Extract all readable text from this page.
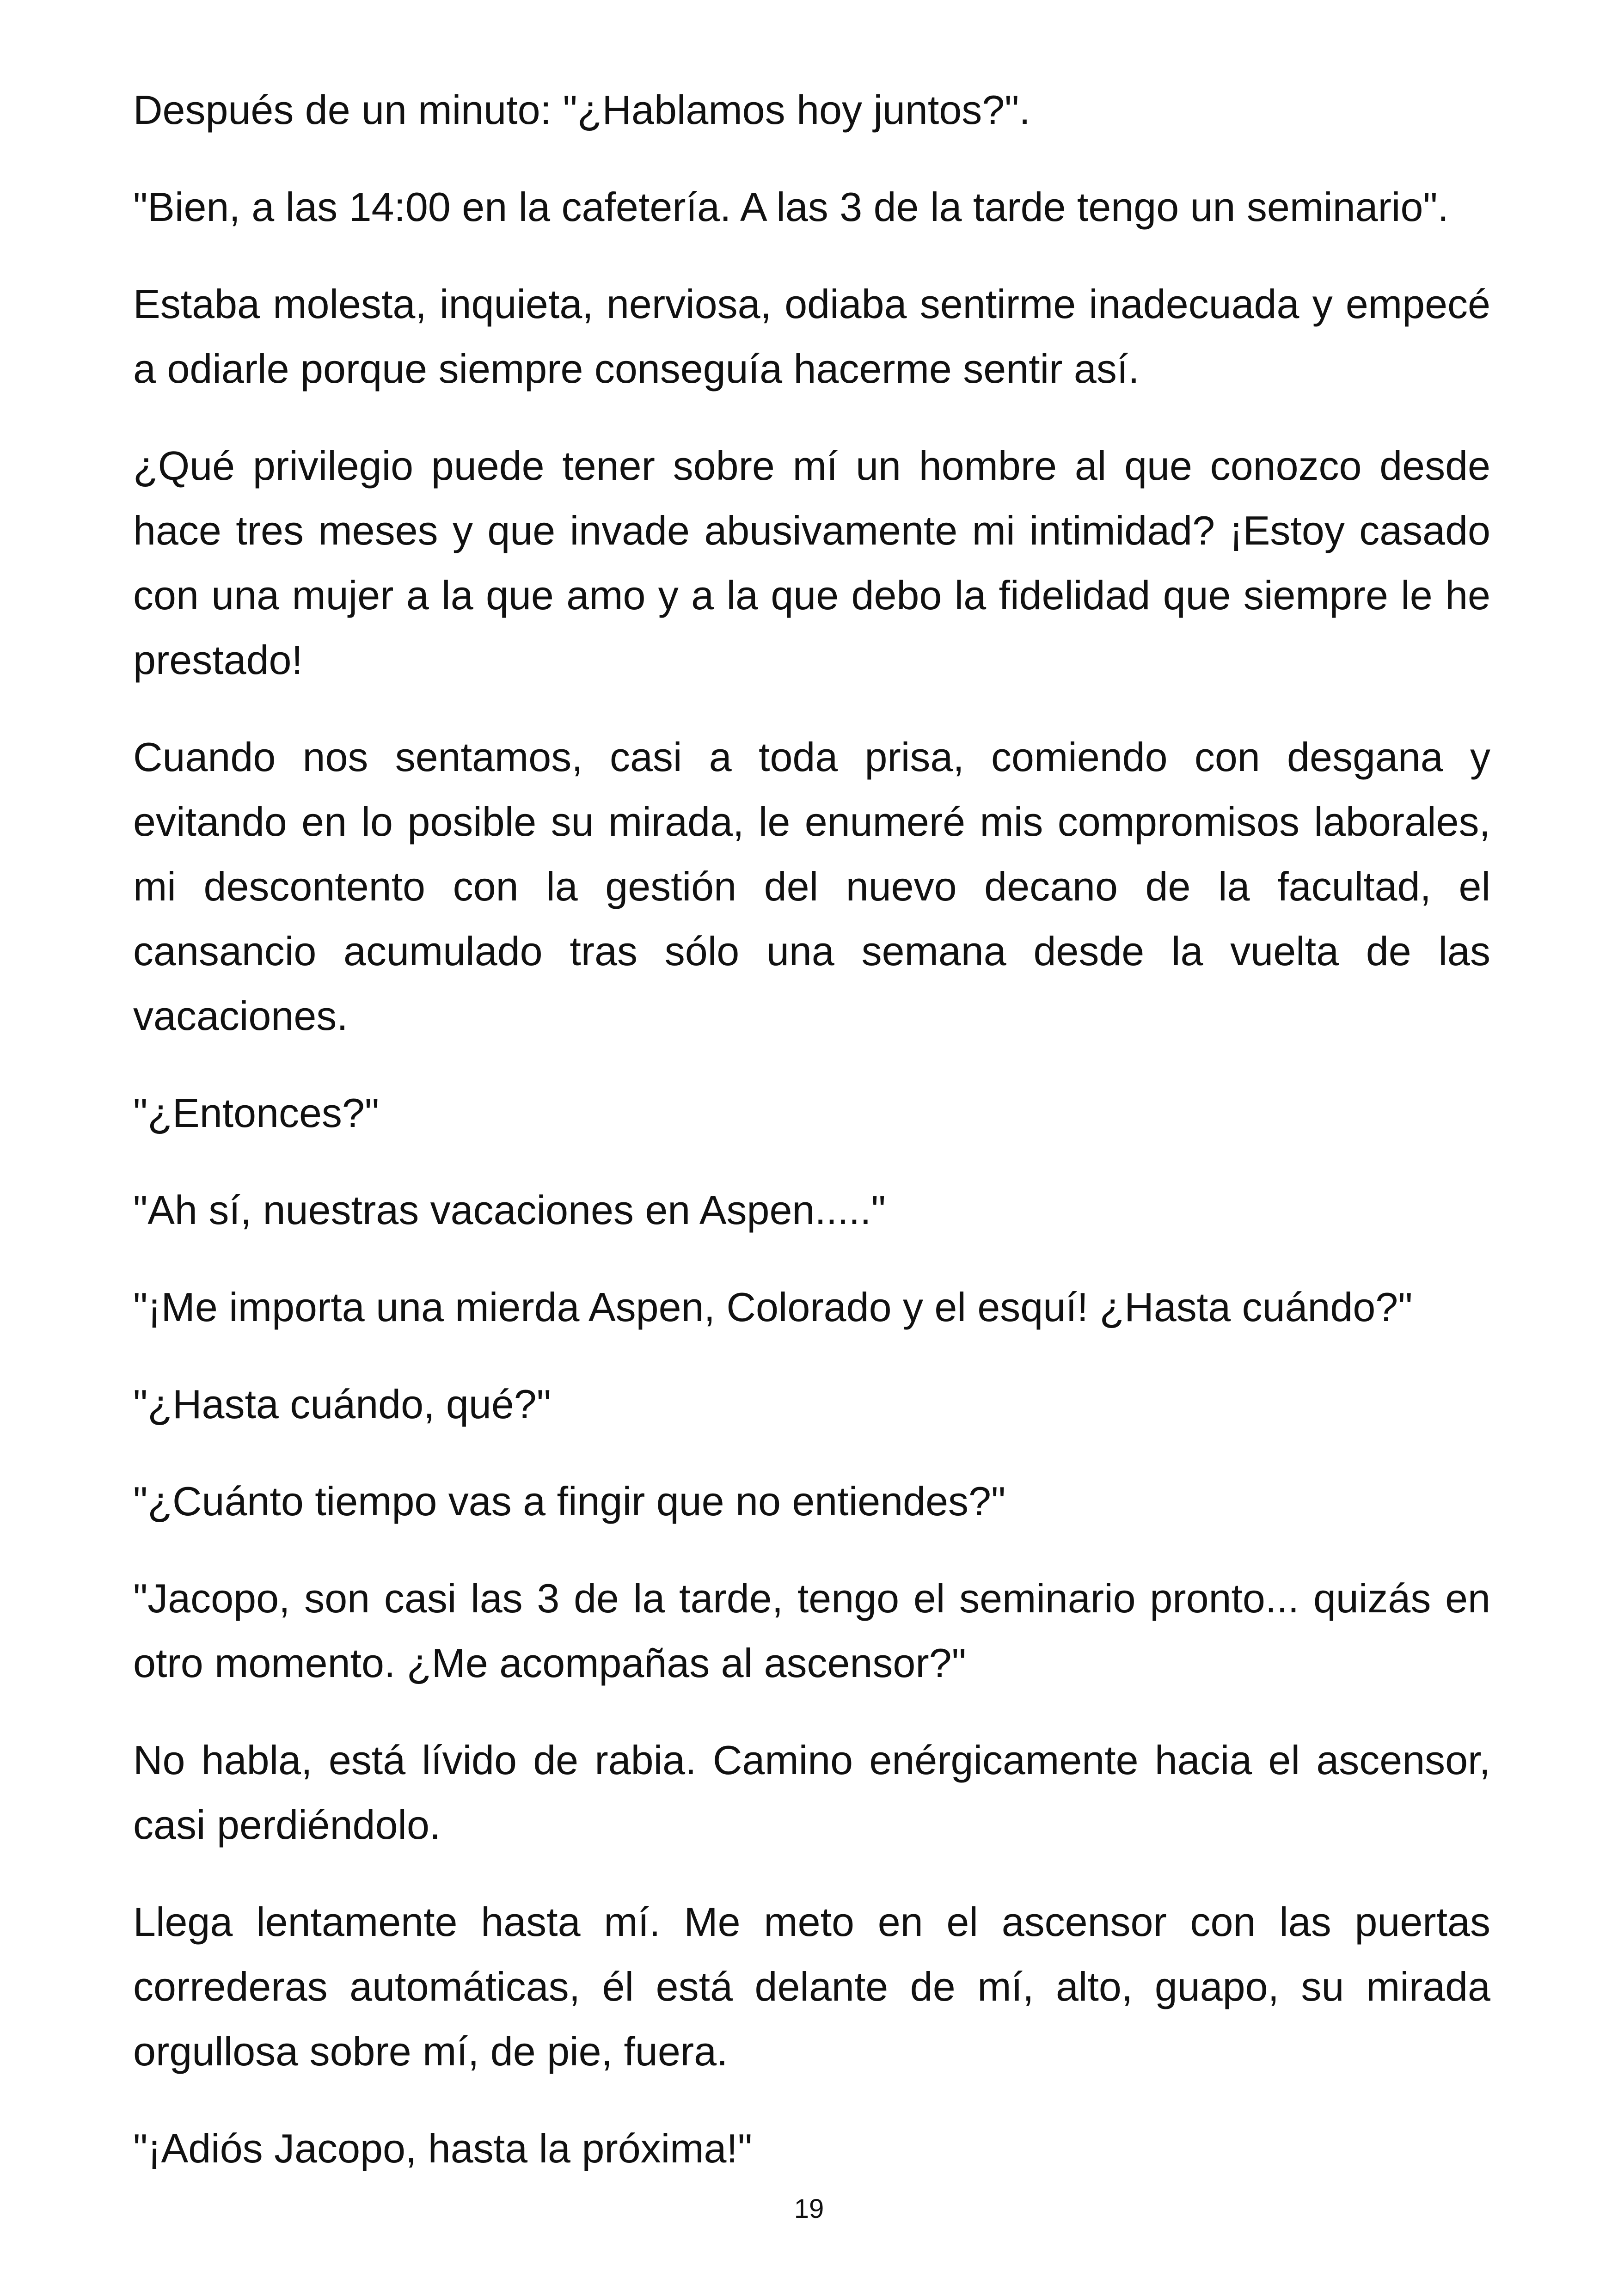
Después de un minuto: "¿Hablamos hoy juntos?".

"Bien, a las 14:00 en la cafetería. A las 3 de la tarde tengo un seminario".

Estaba molesta, inquieta, nerviosa, odiaba sentirme inadecuada y empecé a odiarle porque siempre conseguía hacerme sentir así.

¿Qué privilegio puede tener sobre mí un hombre al que conozco desde hace tres meses y que invade abusivamente mi intimidad? ¡Estoy casado con una mujer a la que amo y a la que debo la fidelidad que siempre le he prestado!

Cuando nos sentamos, casi a toda prisa, comiendo con desgana y evitando en lo posible su mirada, le enumeré mis compromisos laborales, mi descontento con la gestión del nuevo decano de la facultad, el cansancio acumulado tras sólo una semana desde la vuelta de las vacaciones.

"¿Entonces?"

"Ah sí, nuestras vacaciones en Aspen....."

"¡Me importa una mierda Aspen, Colorado y el esquí! ¿Hasta cuándo?"

"¿Hasta cuándo, qué?"

"¿Cuánto tiempo vas a fingir que no entiendes?"

"Jacopo, son casi las 3 de la tarde, tengo el seminario pronto... quizás en otro momento. ¿Me acompañas al ascensor?"

No habla, está lívido de rabia. Camino enérgicamente hacia el ascensor, casi perdiéndolo.

Llega lentamente hasta mí. Me meto en el ascensor con las puertas correderas automáticas, él está delante de mí, alto, guapo, su mirada orgullosa sobre mí, de pie, fuera.

"¡Adiós Jacopo, hasta la próxima!"

19
